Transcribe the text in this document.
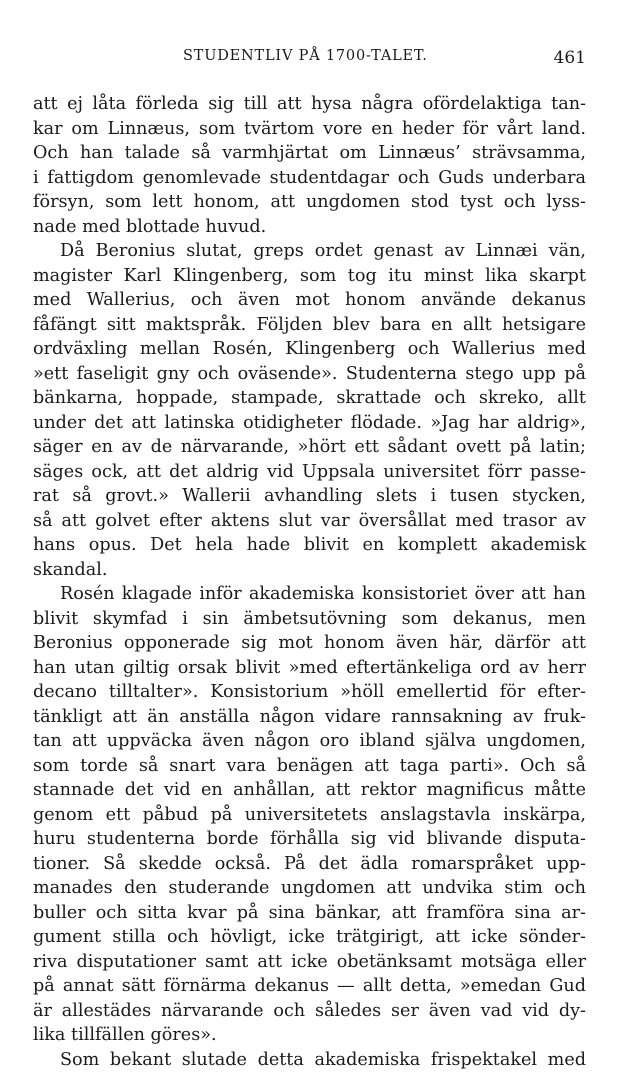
STUDENTLIV PÅ 1700-TALET.	461
att ej låta förleda sig till att hysa några ofördelaktiga tan-
kar om Linnæus, som tvärtom vore en heder för vårt land.
Och han talade så varmhjärtat om Linnæus’ strävsamma,
i fattigdom genomlevade studentdagar och Guds underbara
försyn, som lett honom, att ungdomen stod tyst och lyss-
nade med blottade huvud.
Då Beronius slutat, greps ordet genast av Linnæi vän,
magister Karl Klingenberg, som tog itu minst lika skarpt
med Wallerius, och även mot honom använde dekanus
fåfängt sitt maktspråk. Följden blev bara en allt hetsigare
ordväxling mellan Rosén, Klingenberg och Wallerius med
»ett faseligit gny och oväsende». Studenterna stego upp på
bänkarna, hoppade, stampade, skrattade och skreko, allt
under det att latinska otidigheter flödade. »Jag har aldrig»,
säger en av de närvarande, »hört ett sådant ovett på latin;
säges ock, att det aldrig vid Uppsala universitet förr passe-
rat så grovt.» Wallerii avhandling slets i tusen stycken,
så att golvet efter aktens slut var översållat med trasor av
hans opus. Det hela hade blivit en komplett akademisk
skandal.
Rosén klagade inför akademiska konsistoriet över att han
blivit skymfad i sin ämbetsutövning som dekanus, men
Beronius opponerade sig mot honom även här, därför att
han utan giltig orsak blivit »med eftertänkeliga ord av herr
decano tilltalter». Konsistorium »höll emellertid för efter-
tänkligt att än anställa någon vidare rannsakning av fruk-
tan att uppväcka även någon oro ibland själva ungdomen,
som torde så snart vara benägen att taga parti». Och så
stannade det vid en anhållan, att rektor magnificus måtte
genom ett påbud på universitetets anslagstavla inskärpa,
huru studenterna borde förhålla sig vid blivande disputa-
tioner. Så skedde också. På det ädla romarspråket upp-
manades den studerande ungdomen att undvika stim och
buller och sitta kvar på sina bänkar, att framföra sina ar-
gument stilla och hövligt, icke trätgirigt, att icke sönder-
riva disputationer samt att icke obetänksamt motsäga eller
på annat sätt förnärma dekanus — allt detta, »emedan Gud
är allestädes närvarande och således ser även vad vid dy-
lika tillfällen göres».
Som bekant slutade detta akademiska frispektakel med
